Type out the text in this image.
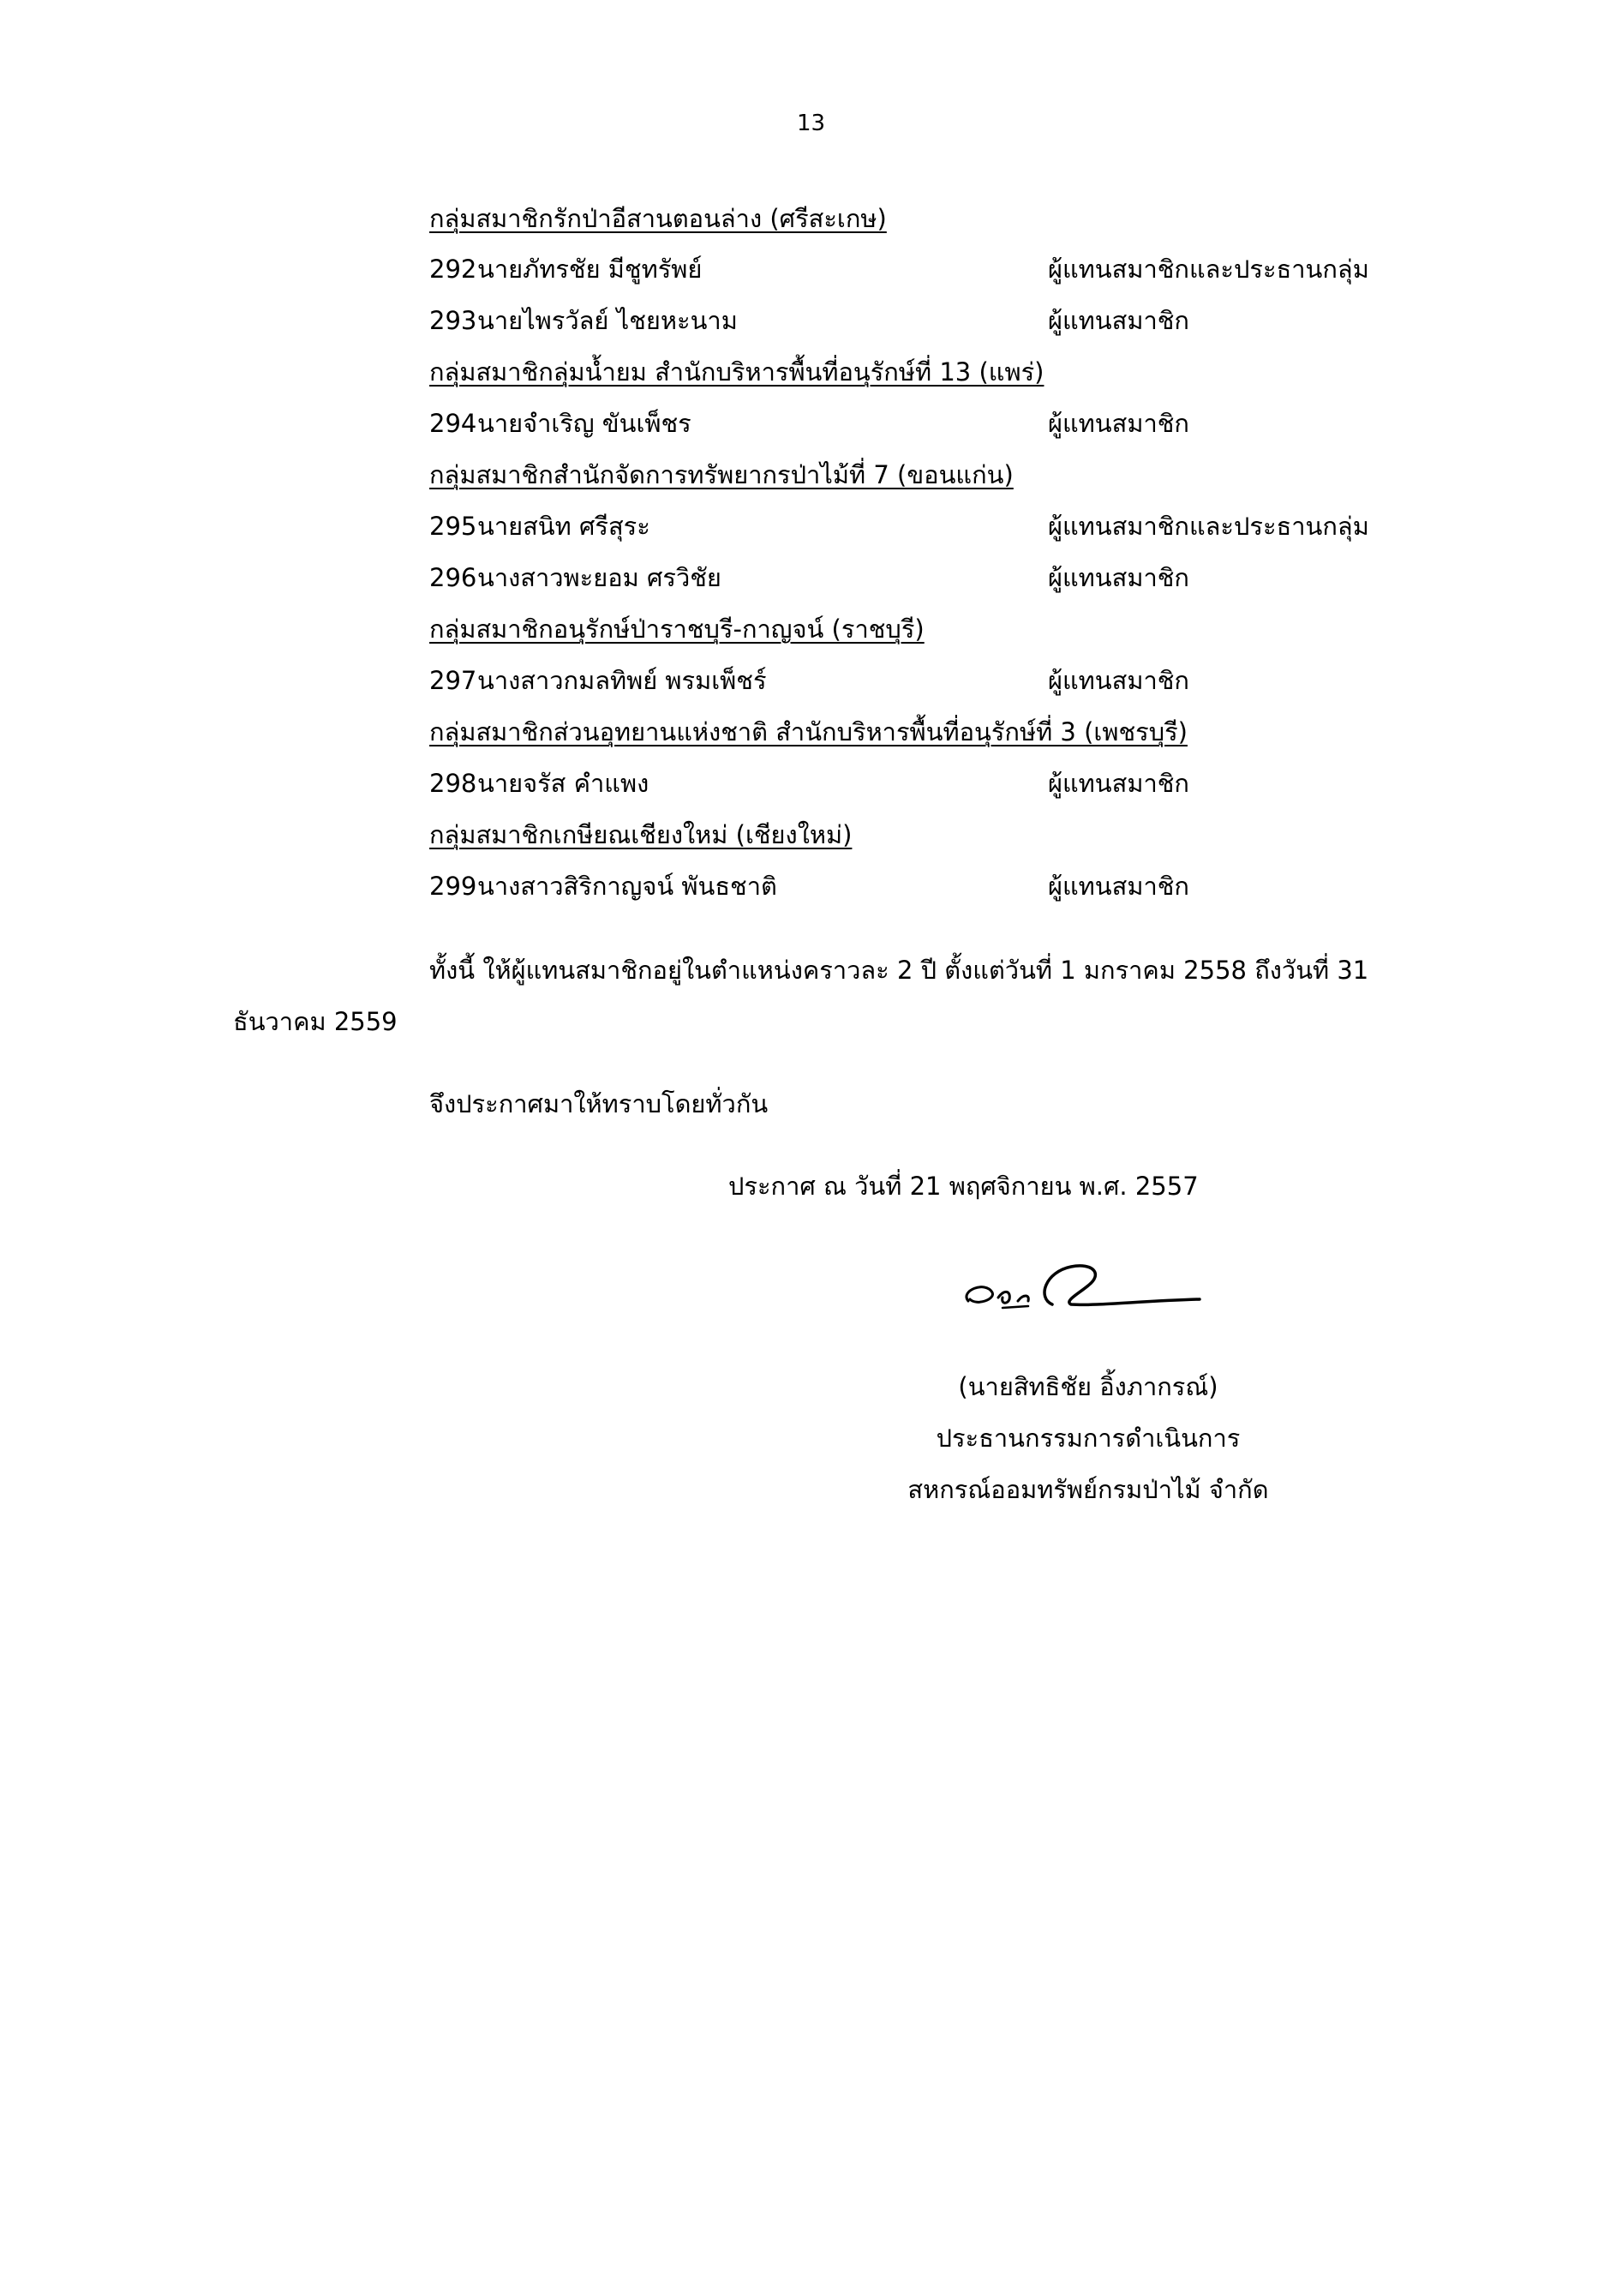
13
กลุ่มสมาชิกรักป่าอีสานตอนล่าง (ศรีสะเกษ)
292 นายภัทรชัย มีชูทรัพย์	ผู้แทนสมาชิกและประธานกลุ่ม
293 นายไพรวัลย์ ไชยหะนาม	ผู้แทนสมาชิก
กลุ่มสมาชิกลุ่มน้ำยม สำนักบริหารพื้นที่อนุรักษ์ที่ 13 (แพร่)
294 นายจำเริญ ขันเพ็ชร	ผู้แทนสมาชิก
กลุ่มสมาชิกสำนักจัดการทรัพยากรป่าไม้ที่ 7 (ขอนแก่น)
295 นายสนิท ศรีสุระ	ผู้แทนสมาชิกและประธานกลุ่ม
296 นางสาวพะยอม ศรวิชัย	ผู้แทนสมาชิก
กลุ่มสมาชิกอนุรักษ์ป่าราชบุรี-กาญจน์ (ราชบุรี)
297 นางสาวกมลทิพย์ พรมเพ็ชร์	ผู้แทนสมาชิก
กลุ่มสมาชิกส่วนอุทยานแห่งชาติ สำนักบริหารพื้นที่อนุรักษ์ที่ 3 (เพชรบุรี)
298 นายจรัส คำแพง	ผู้แทนสมาชิก
กลุ่มสมาชิกเกษียณเชียงใหม่ (เชียงใหม่)
299 นางสาวสิริกาญจน์ พันธชาติ	ผู้แทนสมาชิก
ทั้งนี้ ให้ผู้แทนสมาชิกอยู่ในตำแหน่งคราวละ 2 ปี ตั้งแต่วันที่ 1 มกราคม 2558 ถึงวันที่ 31
ธันวาคม 2559
จึงประกาศมาให้ทราบโดยทั่วกัน
ประกาศ ณ วันที่ 21 พฤศจิกายน พ.ศ. 2557
(นายสิทธิชัย อิ้งภากรณ์)
ประธานกรรมการดำเนินการ
สหกรณ์ออมทรัพย์กรมป่าไม้ จำกัด
